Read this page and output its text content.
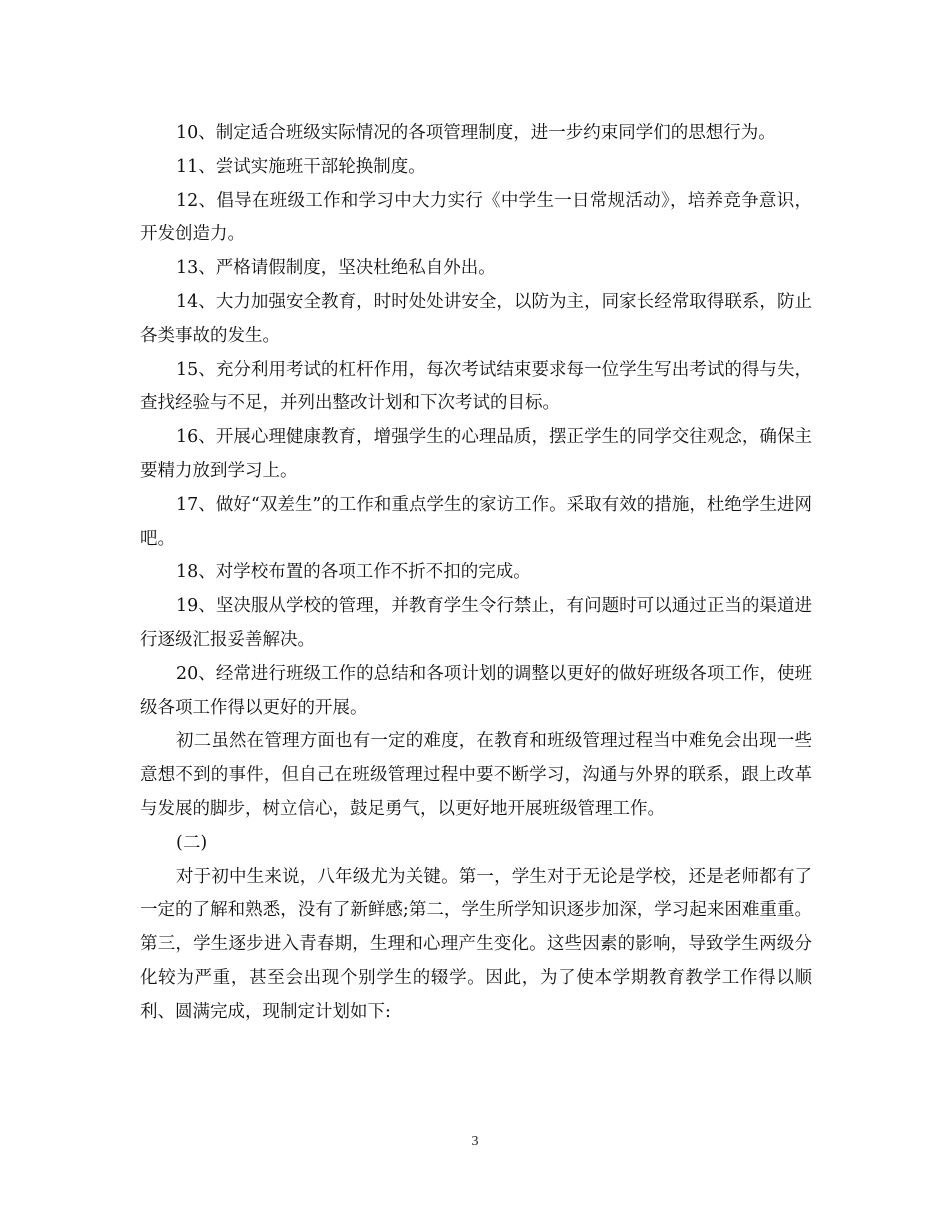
10、制定适合班级实际情况的各项管理制度，进一步约束同学们的思想行为。

11、尝试实施班干部轮换制度。

12、倡导在班级工作和学习中大力实行《中学生一日常规活动》，培养竞争意识，开发创造力。

13、严格请假制度，坚决杜绝私自外出。

14、大力加强安全教育，时时处处讲安全，以防为主，同家长经常取得联系，防止各类事故的发生。

15、充分利用考试的杠杆作用，每次考试结束要求每一位学生写出考试的得与失，查找经验与不足，并列出整改计划和下次考试的目标。

16、开展心理健康教育，增强学生的心理品质，摆正学生的同学交往观念，确保主要精力放到学习上。

17、做好“双差生”的工作和重点学生的家访工作。采取有效的措施，杜绝学生进网吧。

18、对学校布置的各项工作不折不扣的完成。

19、坚决服从学校的管理，并教育学生令行禁止，有问题时可以通过正当的渠道进行逐级汇报妥善解决。

20、经常进行班级工作的总结和各项计划的调整以更好的做好班级各项工作，使班级各项工作得以更好的开展。

初二虽然在管理方面也有一定的难度，在教育和班级管理过程当中难免会出现一些意想不到的事件，但自己在班级管理过程中要不断学习，沟通与外界的联系，跟上改革与发展的脚步，树立信心，鼓足勇气，以更好地开展班级管理工作。

(二)

对于初中生来说，八年级尤为关键。第一，学生对于无论是学校，还是老师都有了一定的了解和熟悉，没有了新鲜感;第二，学生所学知识逐步加深，学习起来困难重重。第三，学生逐步进入青春期，生理和心理产生变化。这些因素的影响，导致学生两级分化较为严重，甚至会出现个别学生的辍学。因此，为了使本学期教育教学工作得以顺利、圆满完成，现制定计划如下:

3
